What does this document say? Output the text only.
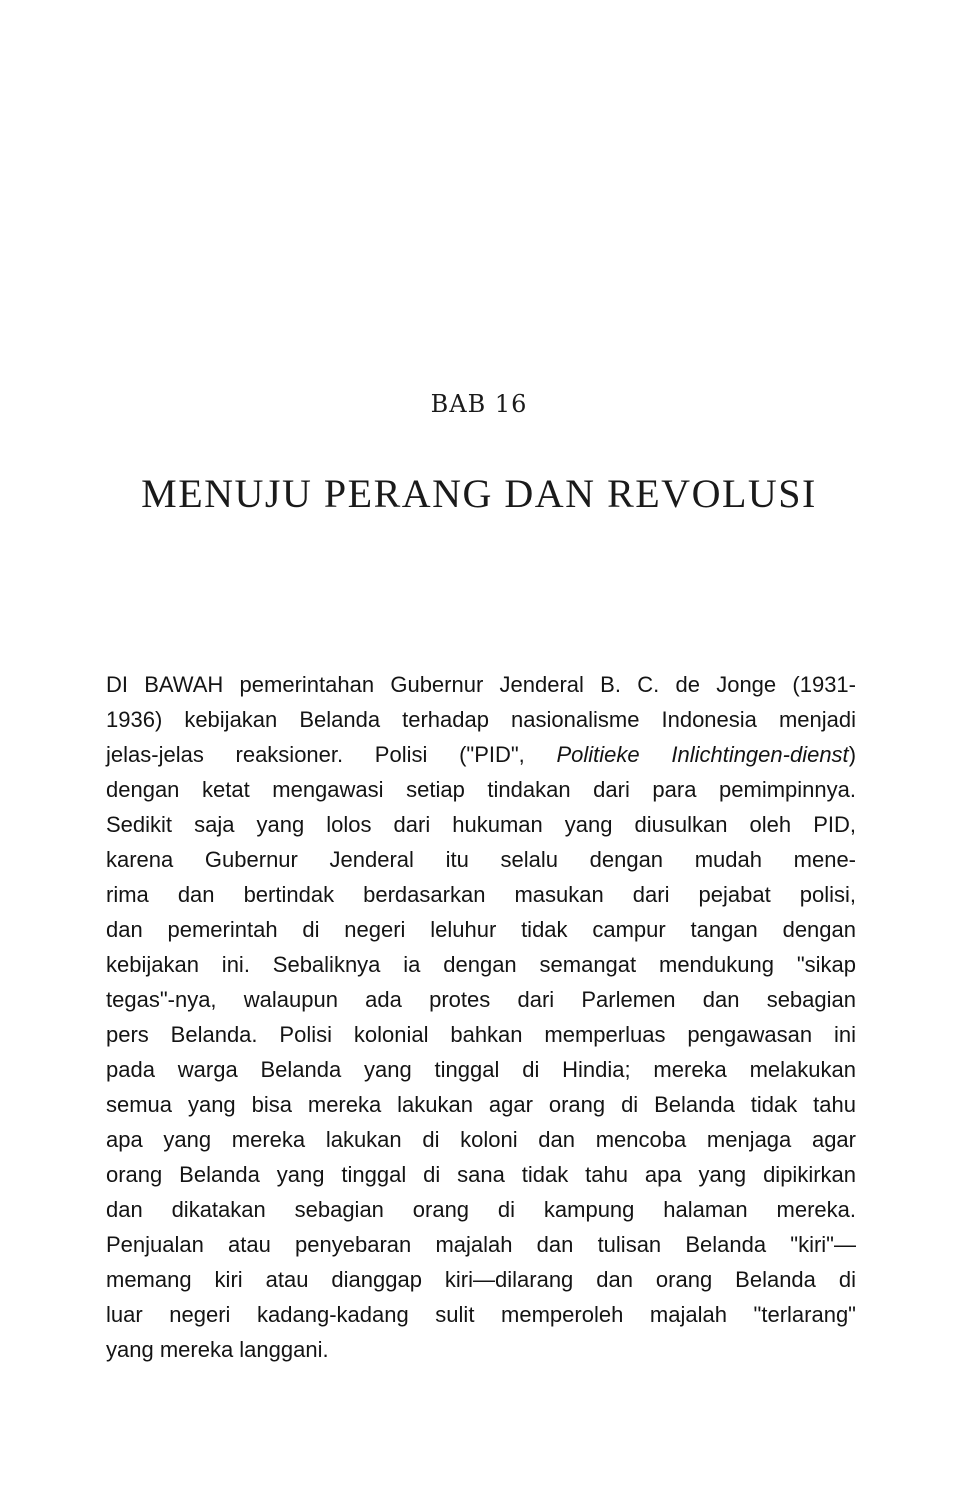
BAB 16
MENUJU PERANG DAN REVOLUSI
DI BAWAH pemerintahan Gubernur Jenderal B. C. de Jonge (1931-
1936) kebijakan Belanda terhadap nasionalisme Indonesia menjadi
jelas-jelas reaksioner. Polisi ("PID", Politieke Inlichtingen-dienst)
dengan ketat mengawasi setiap tindakan dari para pemimpinnya.
Sedikit saja yang lolos dari hukuman yang diusulkan oleh PID,
karena Gubernur Jenderal itu selalu dengan mudah mene-
rima dan bertindak berdasarkan masukan dari pejabat polisi,
dan pemerintah di negeri leluhur tidak campur tangan dengan
kebijakan ini. Sebaliknya ia dengan semangat mendukung "sikap
tegas"-nya, walaupun ada protes dari Parlemen dan sebagian
pers Belanda. Polisi kolonial bahkan memperluas pengawasan ini
pada warga Belanda yang tinggal di Hindia; mereka melakukan
semua yang bisa mereka lakukan agar orang di Belanda tidak tahu
apa yang mereka lakukan di koloni dan mencoba menjaga agar
orang Belanda yang tinggal di sana tidak tahu apa yang dipikirkan
dan dikatakan sebagian orang di kampung halaman mereka.
Penjualan atau penyebaran majalah dan tulisan Belanda "kiri"—
memang kiri atau dianggap kiri—dilarang dan orang Belanda di
luar negeri kadang-kadang sulit memperoleh majalah "terlarang"
yang mereka langgani.
